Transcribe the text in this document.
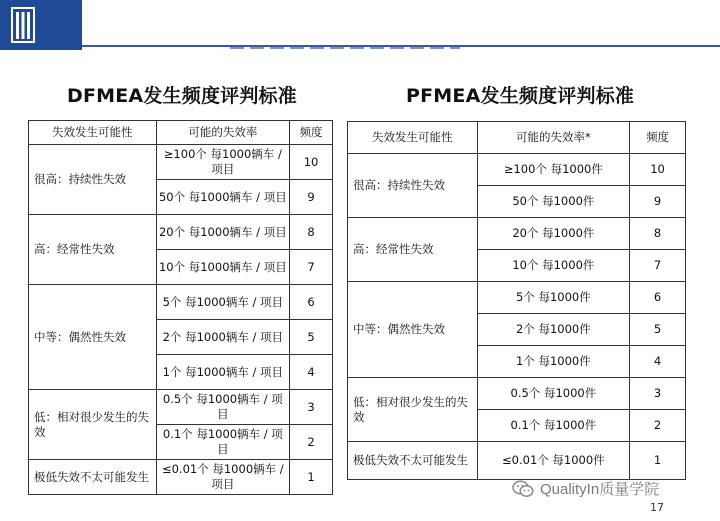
DFMEA发生频度评判标准	PFMEA发生频度评判标准
失效发生可能性	可能的失效率	频度
很高：持续性失效	≥100个 每1000辆车 / 项目	10
	50个 每1000辆车 / 项目	9
高：经常性失效	20个 每1000辆车 / 项目	8
	10个 每1000辆车 / 项目	7
中等：偶然性失效	5个 每1000辆车 / 项目	6
	2个 每1000辆车 / 项目	5
	1个 每1000辆车 / 项目	4
低：相对很少发生的失效	0.5个 每1000辆车 / 项目	3
	0.1个 每1000辆车 / 项目	2
极低失效不太可能发生	≤0.01个 每1000辆车 / 项目	1
失效发生可能性	可能的失效率*	频度
很高：持续性失效	≥100个 每1000件	10
	50个 每1000件	9
高：经常性失效	20个 每1000件	8
	10个 每1000件	7
中等：偶然性失效	5个 每1000件	6
	2个 每1000件	5
	1个 每1000件	4
低：相对很少发生的失效	0.5个 每1000件	3
	0.1个 每1000件	2
极低失效不太可能发生	≤0.01个 每1000件	1
QualityIn质量学院
17
